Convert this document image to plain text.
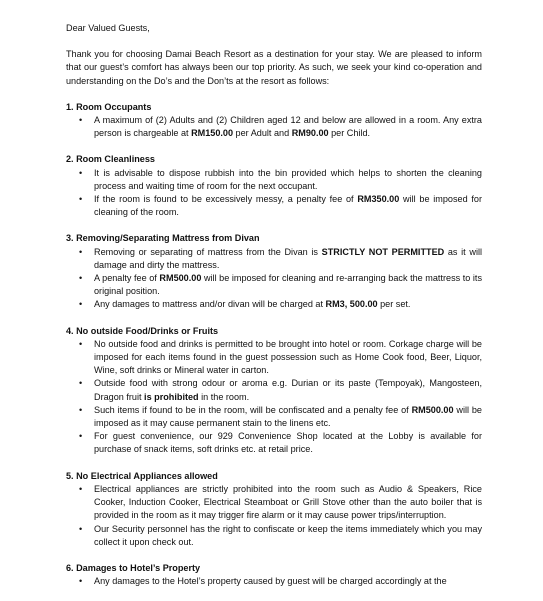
Dear Valued Guests,

Thank you for choosing Damai Beach Resort as a destination for your stay. We are pleased to inform that our guest’s comfort has always been our top priority. As such, we seek your kind co-operation and understanding on the Do’s and the Don’ts at the resort as follows:

1. Room Occupants

• A maximum of (2) Adults and (2) Children aged 12 and below are allowed in a room. Any extra person is chargeable at RM150.00 per Adult and RM90.00 per Child.

2. Room Cleanliness

• It is advisable to dispose rubbish into the bin provided which helps to shorten the cleaning process and waiting time of room for the next occupant.
• If the room is found to be excessively messy, a penalty fee of RM350.00 will be imposed for cleaning of the room.

3. Removing/Separating Mattress from Divan

• Removing or separating of mattress from the Divan is STRICTLY NOT PERMITTED as it will damage and dirty the mattress.
• A penalty fee of RM500.00 will be imposed for cleaning and re-arranging back the mattress to its original position.
• Any damages to mattress and/or divan will be charged at RM3, 500.00 per set.

4. No outside Food/Drinks or Fruits

• No outside food and drinks is permitted to be brought into hotel or room. Corkage charge will be imposed for each items found in the guest possession such as Home Cook food, Beer, Liquor, Wine, soft drinks or Mineral water in carton.
• Outside food with strong odour or aroma e.g. Durian or its paste (Tempoyak), Mangosteen, Dragon fruit is prohibited in the room.
• Such items if found to be in the room, will be confiscated and a penalty fee of RM500.00 will be imposed as it may cause permanent stain to the linens etc.
• For guest convenience, our 929 Convenience Shop located at the Lobby is available for purchase of snack items, soft drinks etc. at retail price.

5. No Electrical Appliances allowed

• Electrical appliances are strictly prohibited into the room such as Audio & Speakers, Rice Cooker, Induction Cooker, Electrical Steamboat or Grill Stove other than the auto boiler that is provided in the room as it may trigger fire alarm or it may cause power trips/interruption.
• Our Security personnel has the right to confiscate or keep the items immediately which you may collect it upon check out.

6. Damages to Hotel’s Property

• Any damages to the Hotel’s property caused by guest will be charged accordingly at the
